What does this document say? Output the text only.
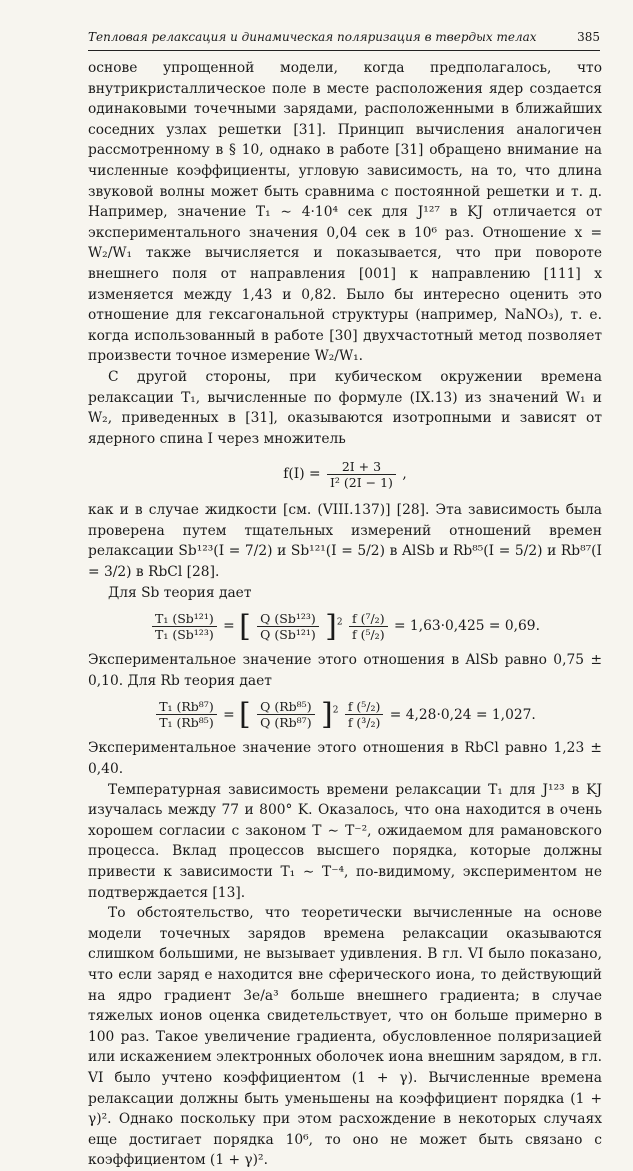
Тепловая релаксация и динамическая поляризация в твердых телах	385

основе упрощенной модели, когда предполагалось, что внутрикристаллическое поле в месте расположения ядер создается одинаковыми точечными зарядами, расположенными в ближайших соседних узлах решетки [31]. Принцип вычисления аналогичен рассмотренному в § 10, однако в работе [31] обращено внимание на численные коэффициенты, угловую зависимость, на то, что длина звуковой волны может быть сравнима с постоянной решетки и т. д. Например, значение T₁ ∼ 4·10⁴ сек для J¹²⁷ в KJ отличается от экспериментального значения 0,04 сек в 10⁶ раз. Отношение x = W₂/W₁ также вычисляется и показывается, что при повороте внешнего поля от направления [001] к направлению [111] x изменяется между 1,43 и 0,82. Было бы интересно оценить это отношение для гексагональной структуры (например, NaNO₃), т. е. когда использованный в работе [30] двухчастотный метод позволяет произвести точное измерение W₂/W₁.

С другой стороны, при кубическом окружении времена релаксации T₁, вычисленные по формуле (IX.13) из значений W₁ и W₂, приведенных в [31], оказываются изотропными и зависят от ядерного спина I через множитель

$f(I) = \frac{2I + 3}{\text{I² (2I − 1)}}$ ,

как и в случае жидкости [см. (VIII.137)] [28]. Эта зависимость была проверена путем тщательных измерений отношений времен релаксации Sb¹²³(I = 7/2) и Sb¹²¹(I = 5/2) в AlSb и Rb⁸⁵(I = 5/2) и Rb⁸⁷(I = 3/2) в RbCl [28].

Для Sb теория дает

$\frac{\text{T₁ (Sb¹²¹)}}{\text{T₁ (Sb¹²³)}}$ = [ $\frac{\text{Q (Sb¹²³)}}{\text{Q (Sb¹²¹)}} ]^2 \frac{\text{f (⁷/₂)}}{\text{f (⁵/₂)}} = 1,63\cdot 0,425 = 0,69$.

Экспериментальное значение этого отношения в AlSb равно 0,75 ± 0,10. Для Rb теория дает

$\frac{\text{T₁ (Rb⁸⁷)}}{\text{T₁ (Rb⁸⁵)}}$ = [ $\frac{\text{Q (Rb⁸⁵)}}{\text{Q (Rb⁸⁷)}} ]^2 \frac{\text{f (⁵/₂)}}{\text{f (³/₂)}} = 4,28\cdot 0,24 = 1,027$.

Экспериментальное значение этого отношения в RbCl равно 1,23 ± 0,40.

Температурная зависимость времени релаксации T₁ для J¹²³ в KJ изучалась между 77 и 800° K. Оказалось, что она находится в очень хорошем согласии с законом T ∼ T⁻², ожидаемом для рамановского процесса. Вклад процессов высшего порядка, которые должны привести к зависимости T₁ ∼ T⁻⁴, по-видимому, экспериментом не подтверждается [13].

То обстоятельство, что теоретически вычисленные на основе модели точечных зарядов времена релаксации оказываются слишком большими, не вызывает удивления. В гл. VI было показано, что если заряд e находится вне сферического иона, то действующий на ядро градиент 3e/a³ больше внешнего градиента; в случае тяжелых ионов оценка свидетельствует, что он больше примерно в 100 раз. Такое увеличение градиента, обусловленное поляризацией или искажением электронных оболочек иона внешним зарядом, в гл. VI было учтено коэффициентом (1 + γ). Вычисленные времена релаксации должны быть уменьшены на коэффициент порядка (1 + γ)². Однако поскольку при этом расхождение в некоторых случаях еще достигает порядка 10⁶, то оно не может быть связано с коэффициентом (1 + γ)².
